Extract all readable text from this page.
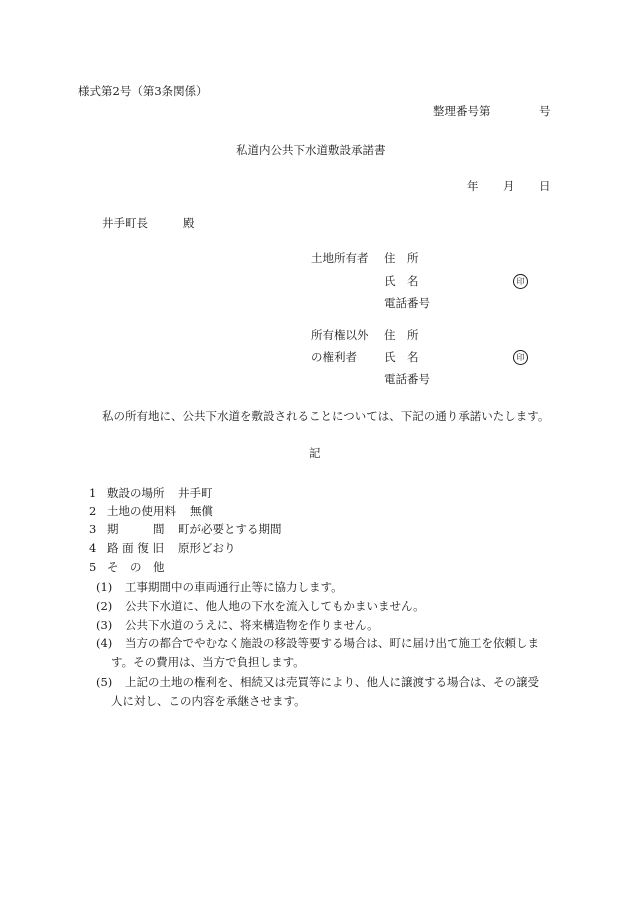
様式第2号（第3条関係）
整理番号第	号
私道内公共下水道敷設承諾書
年 月 日
井手町長	殿
土地所有者 住　所
氏　名	印
電話番号
所有権以外 住　所
の権利者 氏　名	印
電話番号
私の所有地に、公共下水道を敷設されることについては、下記の通り承諾いたします。
記
1 敷設の場所 井手町
2 土地の使用料 無償
3 期　　　間 町が必要とする期間
4 路 面 復 旧 原形どおり
5 そ　の　他
(1) 工事期間中の車両通行止等に協力します。
(2) 公共下水道に、他人地の下水を流入してもかまいません。
(3) 公共下水道のうえに、将来構造物を作りません。
(4) 当方の都合でやむなく施設の移設等要する場合は、町に届け出て施工を依頼しま
す。その費用は、当方で負担します。
(5) 上記の土地の権利を、相続又は売買等により、他人に譲渡する場合は、その譲受
人に対し、この内容を承継させます。
